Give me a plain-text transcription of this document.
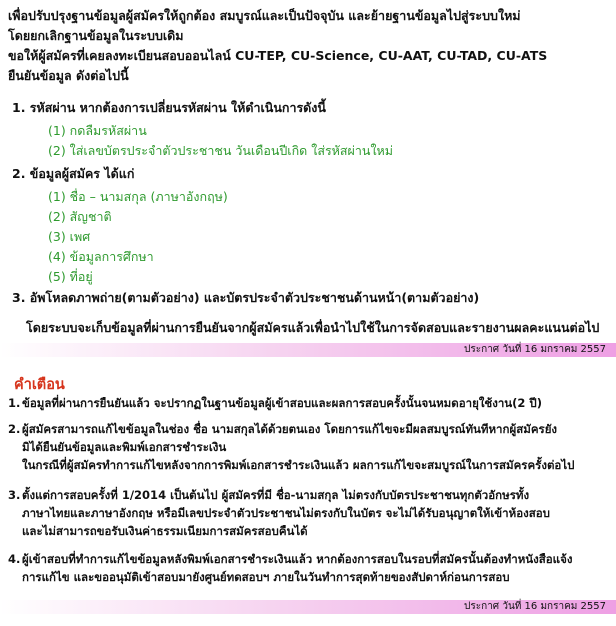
เพื่อปรับปรุงฐานข้อมูลผู้สมัครให้ถูกต้อง สมบูรณ์และเป็นปัจจุบัน และย้ายฐานข้อมูลไปสู่ระบบใหม่

โดยยกเลิกฐานข้อมูลในระบบเดิม

ขอให้ผู้สมัครที่เคยลงทะเบียนสอบออนไลน์ CU-TEP, CU-Science, CU-AAT, CU-TAD, CU-ATS

ยืนยันข้อมูล ดังต่อไปนี้

1. รหัสผ่าน หากต้องการเปลี่ยนรหัสผ่าน ให้ดำเนินการดังนี้
(1) กดลืมรหัสผ่าน
(2) ใส่เลขบัตรประจำตัวประชาชน วันเดือนปีเกิด ใส่รหัสผ่านใหม่
2. ข้อมูลผู้สมัคร ได้แก่
(1) ชื่อ – นามสกุล (ภาษาอังกฤษ)
(2) สัญชาติ
(3) เพศ
(4) ข้อมูลการศึกษา
(5) ที่อยู่
3. อัพโหลดภาพถ่าย(ตามตัวอย่าง) และบัตรประจำตัวประชาชนด้านหน้า(ตามตัวอย่าง)
โดยระบบจะเก็บข้อมูลที่ผ่านการยืนยันจากผู้สมัครแล้วเพื่อนำไปใช้ในการจัดสอบและรายงานผลคะแนนต่อไป
ประกาศ วันที่ 16 มกราคม 2557
คำเตือน
1. ข้อมูลที่ผ่านการยืนยันแล้ว จะปรากฏในฐานข้อมูลผู้เข้าสอบและผลการสอบครั้งนั้นจนหมดอายุใช้งาน(2 ปี)
2. ผู้สมัครสามารถแก้ไขข้อมูลในช่อง ชื่อ นามสกุลได้ด้วยตนเอง โดยการแก้ไขจะมีผลสมบูรณ์ทันทีหากผู้สมัครยัง
มิได้ยืนยันข้อมูลและพิมพ์เอกสารชำระเงิน
ในกรณีที่ผู้สมัครทำการแก้ไขหลังจากการพิมพ์เอกสารชำระเงินแล้ว ผลการแก้ไขจะสมบูรณ์ในการสมัครครั้งต่อไป
3. ตั้งแต่การสอบครั้งที่ 1/2014 เป็นต้นไป ผู้สมัครที่มี ชื่อ-นามสกุล ไม่ตรงกับบัตรประชาชนทุกตัวอักษรทั้ง
ภาษาไทยและภาษาอังกฤษ หรือมีเลขประจำตัวประชาชนไม่ตรงกับในบัตร จะไม่ได้รับอนุญาตให้เข้าห้องสอบ
และไม่สามารถขอรับเงินค่าธรรมเนียมการสมัครสอบคืนได้
4. ผู้เข้าสอบที่ทำการแก้ไขข้อมูลหลังพิมพ์เอกสารชำระเงินแล้ว หากต้องการสอบในรอบที่สมัครนั้นต้องทำหนังสือแจ้ง
การแก้ไข และขออนุมัติเข้าสอบมายังศูนย์ทดสอบฯ ภายในวันทำการสุดท้ายของสัปดาห์ก่อนการสอบ
ประกาศ วันที่ 16 มกราคม 2557
